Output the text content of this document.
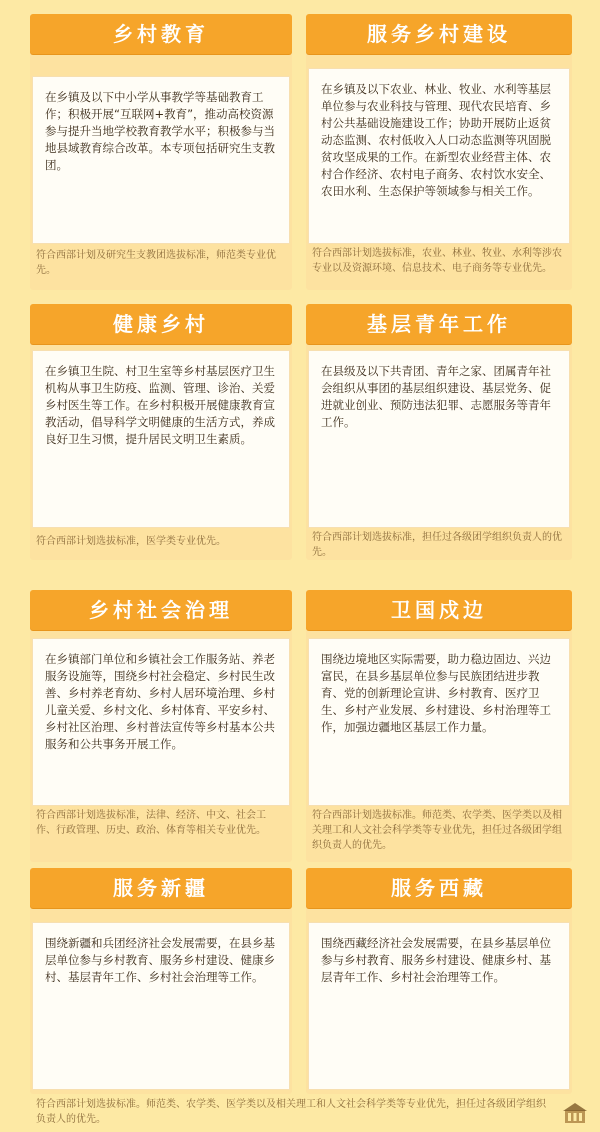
乡村教育
在乡镇及以下中小学从事教学等基础教育工作；积极开展“互联网+教育”，推动高校资源参与提升当地学校教育教学水平；积极参与当地县域教育综合改革。本专项包括研究生支教团。
符合西部计划及研究生支教团选拔标准，师范类专业优先。
服务乡村建设
在乡镇及以下农业、林业、牧业、水利等基层单位参与农业科技与管理、现代农民培育、乡村公共基础设施建设工作；协助开展防止返贫动态监测、农村低收入人口动态监测等巩固脱贫攻坚成果的工作。在新型农业经营主体、农村合作经济、农村电子商务、农村饮水安全、农田水利、生态保护等领域参与相关工作。
符合西部计划选拔标准，农业、林业、牧业、水利等涉农专业以及资源环境、信息技术、电子商务等专业优先。
健康乡村
在乡镇卫生院、村卫生室等乡村基层医疗卫生机构从事卫生防疫、监测、管理、诊治、关爱乡村医生等工作。在乡村积极开展健康教育宣教活动，倡导科学文明健康的生活方式，养成良好卫生习惯，提升居民文明卫生素质。
符合西部计划选拔标准，医学类专业优先。
基层青年工作
在县级及以下共青团、青年之家、团属青年社会组织从事团的基层组织建设、基层党务、促进就业创业、预防违法犯罪、志愿服务等青年工作。
符合西部计划选拔标准，担任过各级团学组织负责人的优先。
乡村社会治理
在乡镇部门单位和乡镇社会工作服务站、养老服务设施等，围绕乡村社会稳定、乡村民生改善、乡村养老育幼、乡村人居环境治理、乡村儿童关爱、乡村文化、乡村体育、平安乡村、乡村社区治理、乡村普法宣传等乡村基本公共服务和公共事务开展工作。
符合西部计划选拔标准，法律、经济、中文、社会工作、行政管理、历史、政治、体育等相关专业优先。
卫国戍边
围绕边境地区实际需要，助力稳边固边、兴边富民，在县乡基层单位参与民族团结进步教育、党的创新理论宣讲、乡村教育、医疗卫生、乡村产业发展、乡村建设、乡村治理等工作，加强边疆地区基层工作力量。
符合西部计划选拔标准。师范类、农学类、医学类以及相关理工和人文社会科学类等专业优先，担任过各级团学组织负责人的优先。
服务新疆
围绕新疆和兵团经济社会发展需要，在县乡基层单位参与乡村教育、服务乡村建设、健康乡村、基层青年工作、乡村社会治理等工作。
服务西藏
围绕西藏经济社会发展需要，在县乡基层单位参与乡村教育、服务乡村建设、健康乡村、基层青年工作、乡村社会治理等工作。
符合西部计划选拔标准。师范类、农学类、医学类以及相关理工和人文社会科学类等专业优先，担任过各级团学组织负责人的优先。
